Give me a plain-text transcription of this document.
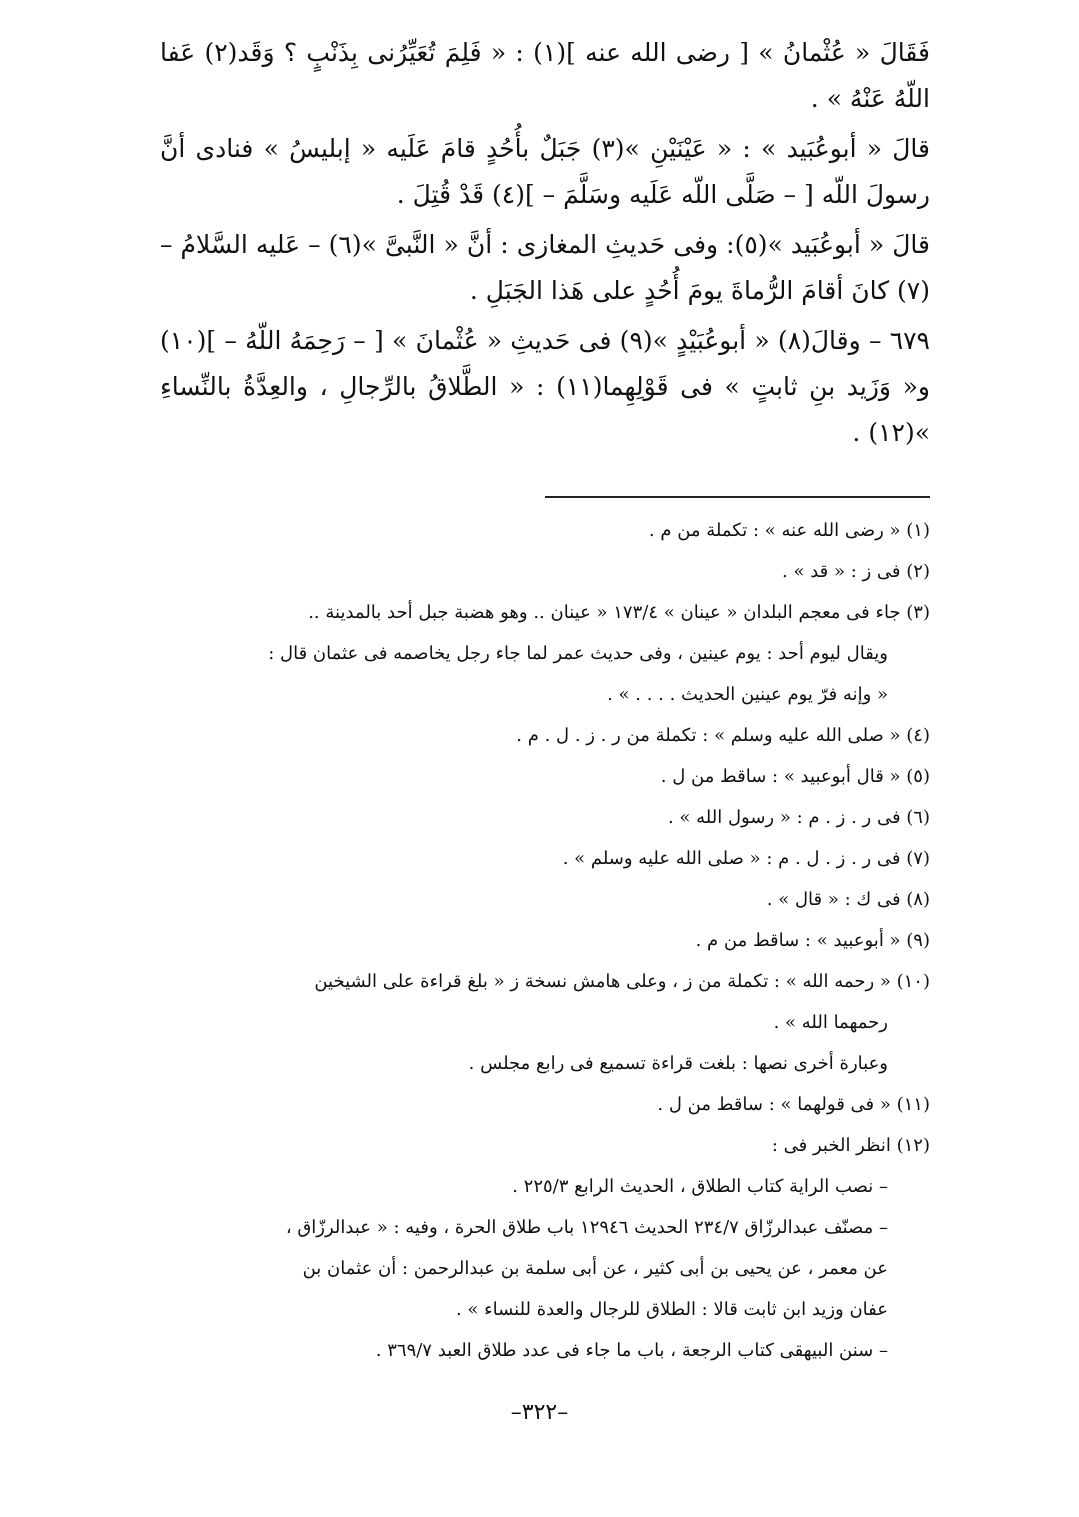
فَقَالَ « عُثْمانُ » [ رضى الله عنه ](١) : « فَلِمَ تُعَيِّرُنى بِذَنْبٍ ؟ وَقَد(٢) عَفا اللّهُ عَنْهُ » .

قالَ « أبوعُبَيد » : « عَيْنَيْنِ »(٣) جَبَلٌ بأُحُدٍ قامَ عَلَيه « إبليسُ » فنادى أنَّ رسولَ اللّه [ – صَلَّى اللّه عَلَيه وسَلَّمَ – ](٤) قَدْ قُتِلَ .

قالَ « أبوعُبَيد »(٥): وفى حَديثِ المغازى : أنَّ « النَّبىَّ »(٦) – عَليه السَّلامُ –(٧) كانَ أقامَ الرُّماةَ يومَ أُحُدٍ على هَذا الجَبَلِ .

٦٧٩ – وقالَ(٨) « أبوعُبَيْدٍ »(٩) فى حَديثِ « عُثْمانَ » [ – رَحِمَهُ اللّهُ – ](١٠) و« وَزَيد بنِ ثابتٍ » فى قَوْلِهِما(١١) : « الطَّلاقُ بالرِّجالِ ، والعِدَّةُ بالنِّساءِ »(١٢) .

(١) « رضى الله عنه » : تكملة من م .

(٢) فى ز : « قد » .

(٣) جاء فى معجم البلدان « عينان » ١٧٣/٤ « عينان .. وهو هضبة جبل أحد بالمدينة ..

ويقال ليوم أحد : يوم عينين ، وفى حديث عمر لما جاء رجل يخاصمه فى عثمان قال :

« وإنه فرّ يوم عينين الحديث . . . . » .

(٤) « صلى الله عليه وسلم » : تكملة من ر . ز . ل . م .

(٥) « قال أبوعبيد » : ساقط من ل .

(٦) فى ر . ز . م : « رسول الله » .

(٧) فى ر . ز . ل . م : « صلى الله عليه وسلم » .

(٨) فى ك : « قال » .

(٩) « أبوعبيد » : ساقط من م .

(١٠) « رحمه الله » : تكملة من ز ، وعلى هامش نسخة ز « بلغ قراءة على الشيخين

رحمهما الله » .

وعبارة أخرى نصها : بلغت قراءة تسميع فى رابع مجلس .

(١١) « فى قولهما » : ساقط من ل .

(١٢) انظر الخبر فى :

– نصب الراية كتاب الطلاق ، الحديث الرابع ٢٢٥/٣ .

– مصنّف عبدالرزّاق ٢٣٤/٧ الحديث ١٢٩٤٦ باب طلاق الحرة ، وفيه : « عبدالرزّاق ،

عن معمر ، عن يحيى بن أبى كثير ، عن أبى سلمة بن عبدالرحمن : أن عثمان بن

عفان وزيد ابن ثابت قالا : الطلاق للرجال والعدة للنساء » .

– سنن البيهقى كتاب الرجعة ، باب ما جاء فى عدد طلاق العبد ٣٦٩/٧ .

–٣٢٢–
